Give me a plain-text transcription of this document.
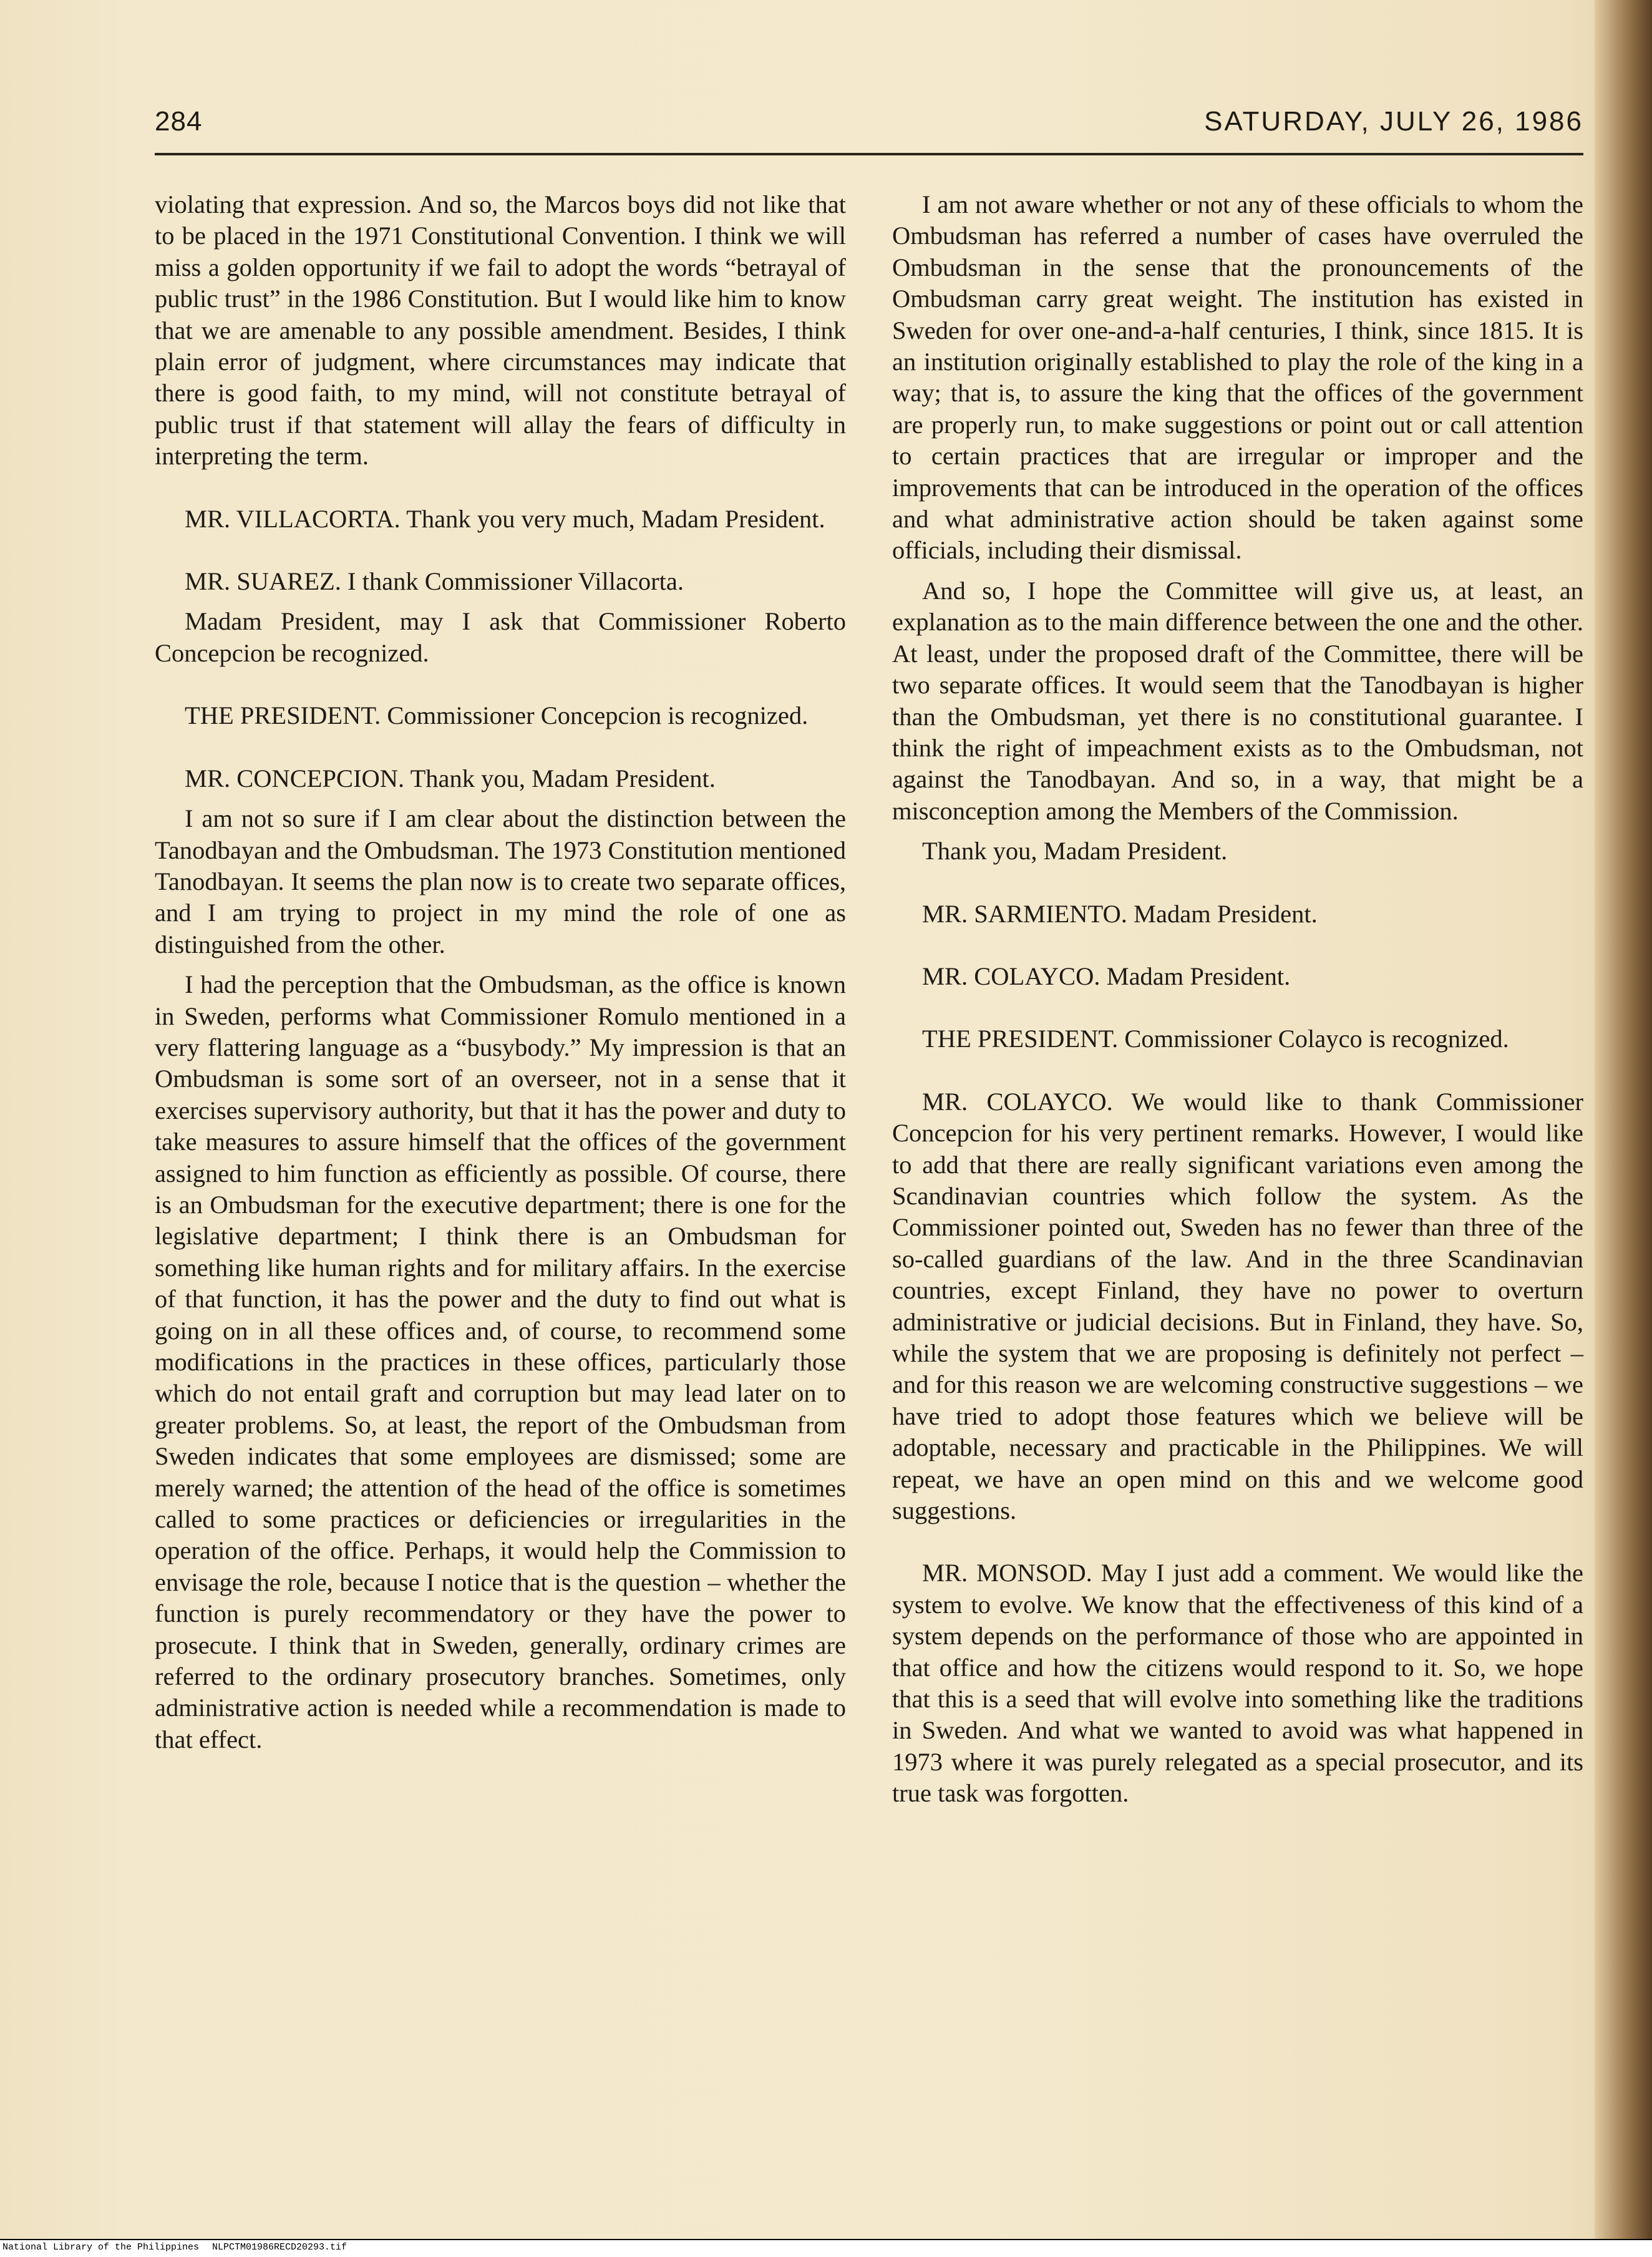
284	SATURDAY, JULY 26, 1986

violating that expression. And so, the Marcos boys did not like that to be placed in the 1971 Constitutional Convention. I think we will miss a golden opportunity if we fail to adopt the words “betrayal of public trust” in the 1986 Constitution. But I would like him to know that we are amenable to any possible amendment. Besides, I think plain error of judgment, where circumstances may indicate that there is good faith, to my mind, will not constitute betrayal of public trust if that statement will allay the fears of difficulty in interpreting the term.

MR. VILLACORTA. Thank you very much, Madam President.

MR. SUAREZ. I thank Commissioner Villacorta.

Madam President, may I ask that Commissioner Roberto Concepcion be recognized.

THE PRESIDENT. Commissioner Concepcion is recognized.

MR. CONCEPCION. Thank you, Madam President.

I am not so sure if I am clear about the distinction between the Tanodbayan and the Ombudsman. The 1973 Constitution mentioned Tanodbayan. It seems the plan now is to create two separate offices, and I am trying to project in my mind the role of one as distinguished from the other.

I had the perception that the Ombudsman, as the office is known in Sweden, performs what Commissioner Romulo mentioned in a very flattering language as a “busybody.” My impression is that an Ombudsman is some sort of an overseer, not in a sense that it exercises supervisory authority, but that it has the power and duty to take measures to assure himself that the offices of the government assigned to him function as efficiently as possible. Of course, there is an Ombudsman for the executive department; there is one for the legislative department; I think there is an Ombudsman for something like human rights and for military affairs. In the exercise of that function, it has the power and the duty to find out what is going on in all these offices and, of course, to recommend some modifications in the practices in these offices, particularly those which do not entail graft and corruption but may lead later on to greater problems. So, at least, the report of the Ombudsman from Sweden indicates that some employees are dismissed; some are merely warned; the attention of the head of the office is sometimes called to some practices or deficiencies or irregularities in the operation of the office. Perhaps, it would help the Commission to envisage the role, because I notice that is the question – whether the function is purely recommendatory or they have the power to prosecute. I think that in Sweden, generally, ordinary crimes are referred to the ordinary prosecutory branches. Sometimes, only administrative action is needed while a recommendation is made to that effect.

I am not aware whether or not any of these officials to whom the Ombudsman has referred a number of cases have overruled the Ombudsman in the sense that the pronouncements of the Ombudsman carry great weight. The institution has existed in Sweden for over one-and-a-half centuries, I think, since 1815. It is an institution originally established to play the role of the king in a way; that is, to assure the king that the offices of the government are properly run, to make suggestions or point out or call attention to certain practices that are irregular or improper and the improvements that can be introduced in the operation of the offices and what administrative action should be taken against some officials, including their dismissal.

And so, I hope the Committee will give us, at least, an explanation as to the main difference between the one and the other. At least, under the proposed draft of the Committee, there will be two separate offices. It would seem that the Tanodbayan is higher than the Ombudsman, yet there is no constitutional guarantee. I think the right of impeachment exists as to the Ombudsman, not against the Tanodbayan. And so, in a way, that might be a misconception among the Members of the Commission.

Thank you, Madam President.

MR. SARMIENTO. Madam President.

MR. COLAYCO. Madam President.

THE PRESIDENT. Commissioner Colayco is recognized.

MR. COLAYCO. We would like to thank Commissioner Concepcion for his very pertinent remarks. However, I would like to add that there are really significant variations even among the Scandinavian countries which follow the system. As the Commissioner pointed out, Sweden has no fewer than three of the so-called guardians of the law. And in the three Scandinavian countries, except Finland, they have no power to overturn administrative or judicial decisions. But in Finland, they have. So, while the system that we are proposing is definitely not perfect – and for this reason we are welcoming constructive suggestions – we have tried to adopt those features which we believe will be adoptable, necessary and practicable in the Philippines. We will repeat, we have an open mind on this and we welcome good suggestions.

MR. MONSOD. May I just add a comment. We would like the system to evolve. We know that the effectiveness of this kind of a system depends on the performance of those who are appointed in that office and how the citizens would respond to it. So, we hope that this is a seed that will evolve into something like the traditions in Sweden. And what we wanted to avoid was what happened in 1973 where it was purely relegated as a special prosecutor, and its true task was forgotten.

National Library of the Philippines NLPCTM01986RECD20293.tif
